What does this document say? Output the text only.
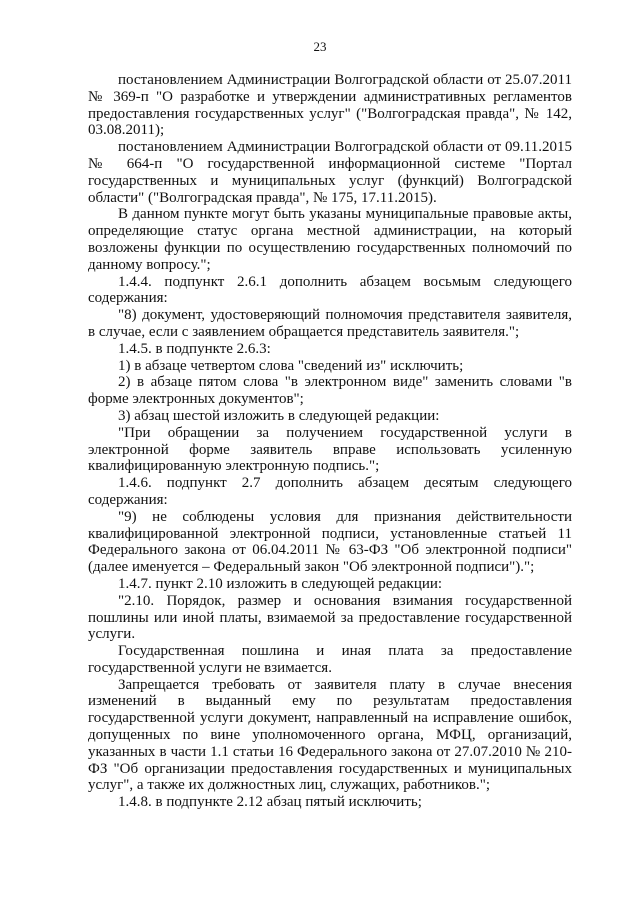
23

постановлением Администрации Волгоградской области от 25.07.2011 № 369-п "О разработке и утверждении административных регламентов предоставления государственных услуг" ("Волгоградская правда", № 142, 03.08.2011);

постановлением Администрации Волгоградской области от 09.11.2015 № 664-п "О государственной информационной системе "Портал государственных и муниципальных услуг (функций) Волгоградской области" ("Волгоградская правда", № 175, 17.11.2015).

В данном пункте могут быть указаны муниципальные правовые акты, определяющие статус органа местной администрации, на который возложены функции по осуществлению государственных полномочий по данному вопросу.";

1.4.4. подпункт 2.6.1 дополнить абзацем восьмым следующего содержания:

"8) документ, удостоверяющий полномочия представителя заявителя, в случае, если с заявлением обращается представитель заявителя.";

1.4.5. в подпункте 2.6.3:

1) в абзаце четвертом слова "сведений из" исключить;

2) в абзаце пятом слова "в электронном виде" заменить словами "в форме электронных документов";

3) абзац шестой изложить в следующей редакции:

"При обращении за получением государственной услуги в электронной форме заявитель вправе использовать усиленную квалифицированную электронную подпись.";

1.4.6. подпункт 2.7 дополнить абзацем десятым следующего содержания:

"9) не соблюдены условия для признания действительности квалифицированной электронной подписи, установленные статьей 11 Федерального закона от 06.04.2011 № 63-ФЗ "Об электронной подписи" (далее именуется – Федеральный закон "Об электронной подписи").";

1.4.7. пункт 2.10 изложить в следующей редакции:

"2.10. Порядок, размер и основания взимания государственной пошлины или иной платы, взимаемой за предоставление государственной услуги.

Государственная пошлина и иная плата за предоставление государственной услуги не взимается.

Запрещается требовать от заявителя плату в случае внесения изменений в выданный ему по результатам предоставления государственной услуги документ, направленный на исправление ошибок, допущенных по вине уполномоченного органа, МФЦ, организаций, указанных в части 1.1 статьи 16 Федерального закона от 27.07.2010 № 210-ФЗ "Об организации предоставления государственных и муниципальных услуг", а также их должностных лиц, служащих, работников.";

1.4.8. в подпункте 2.12 абзац пятый исключить;
